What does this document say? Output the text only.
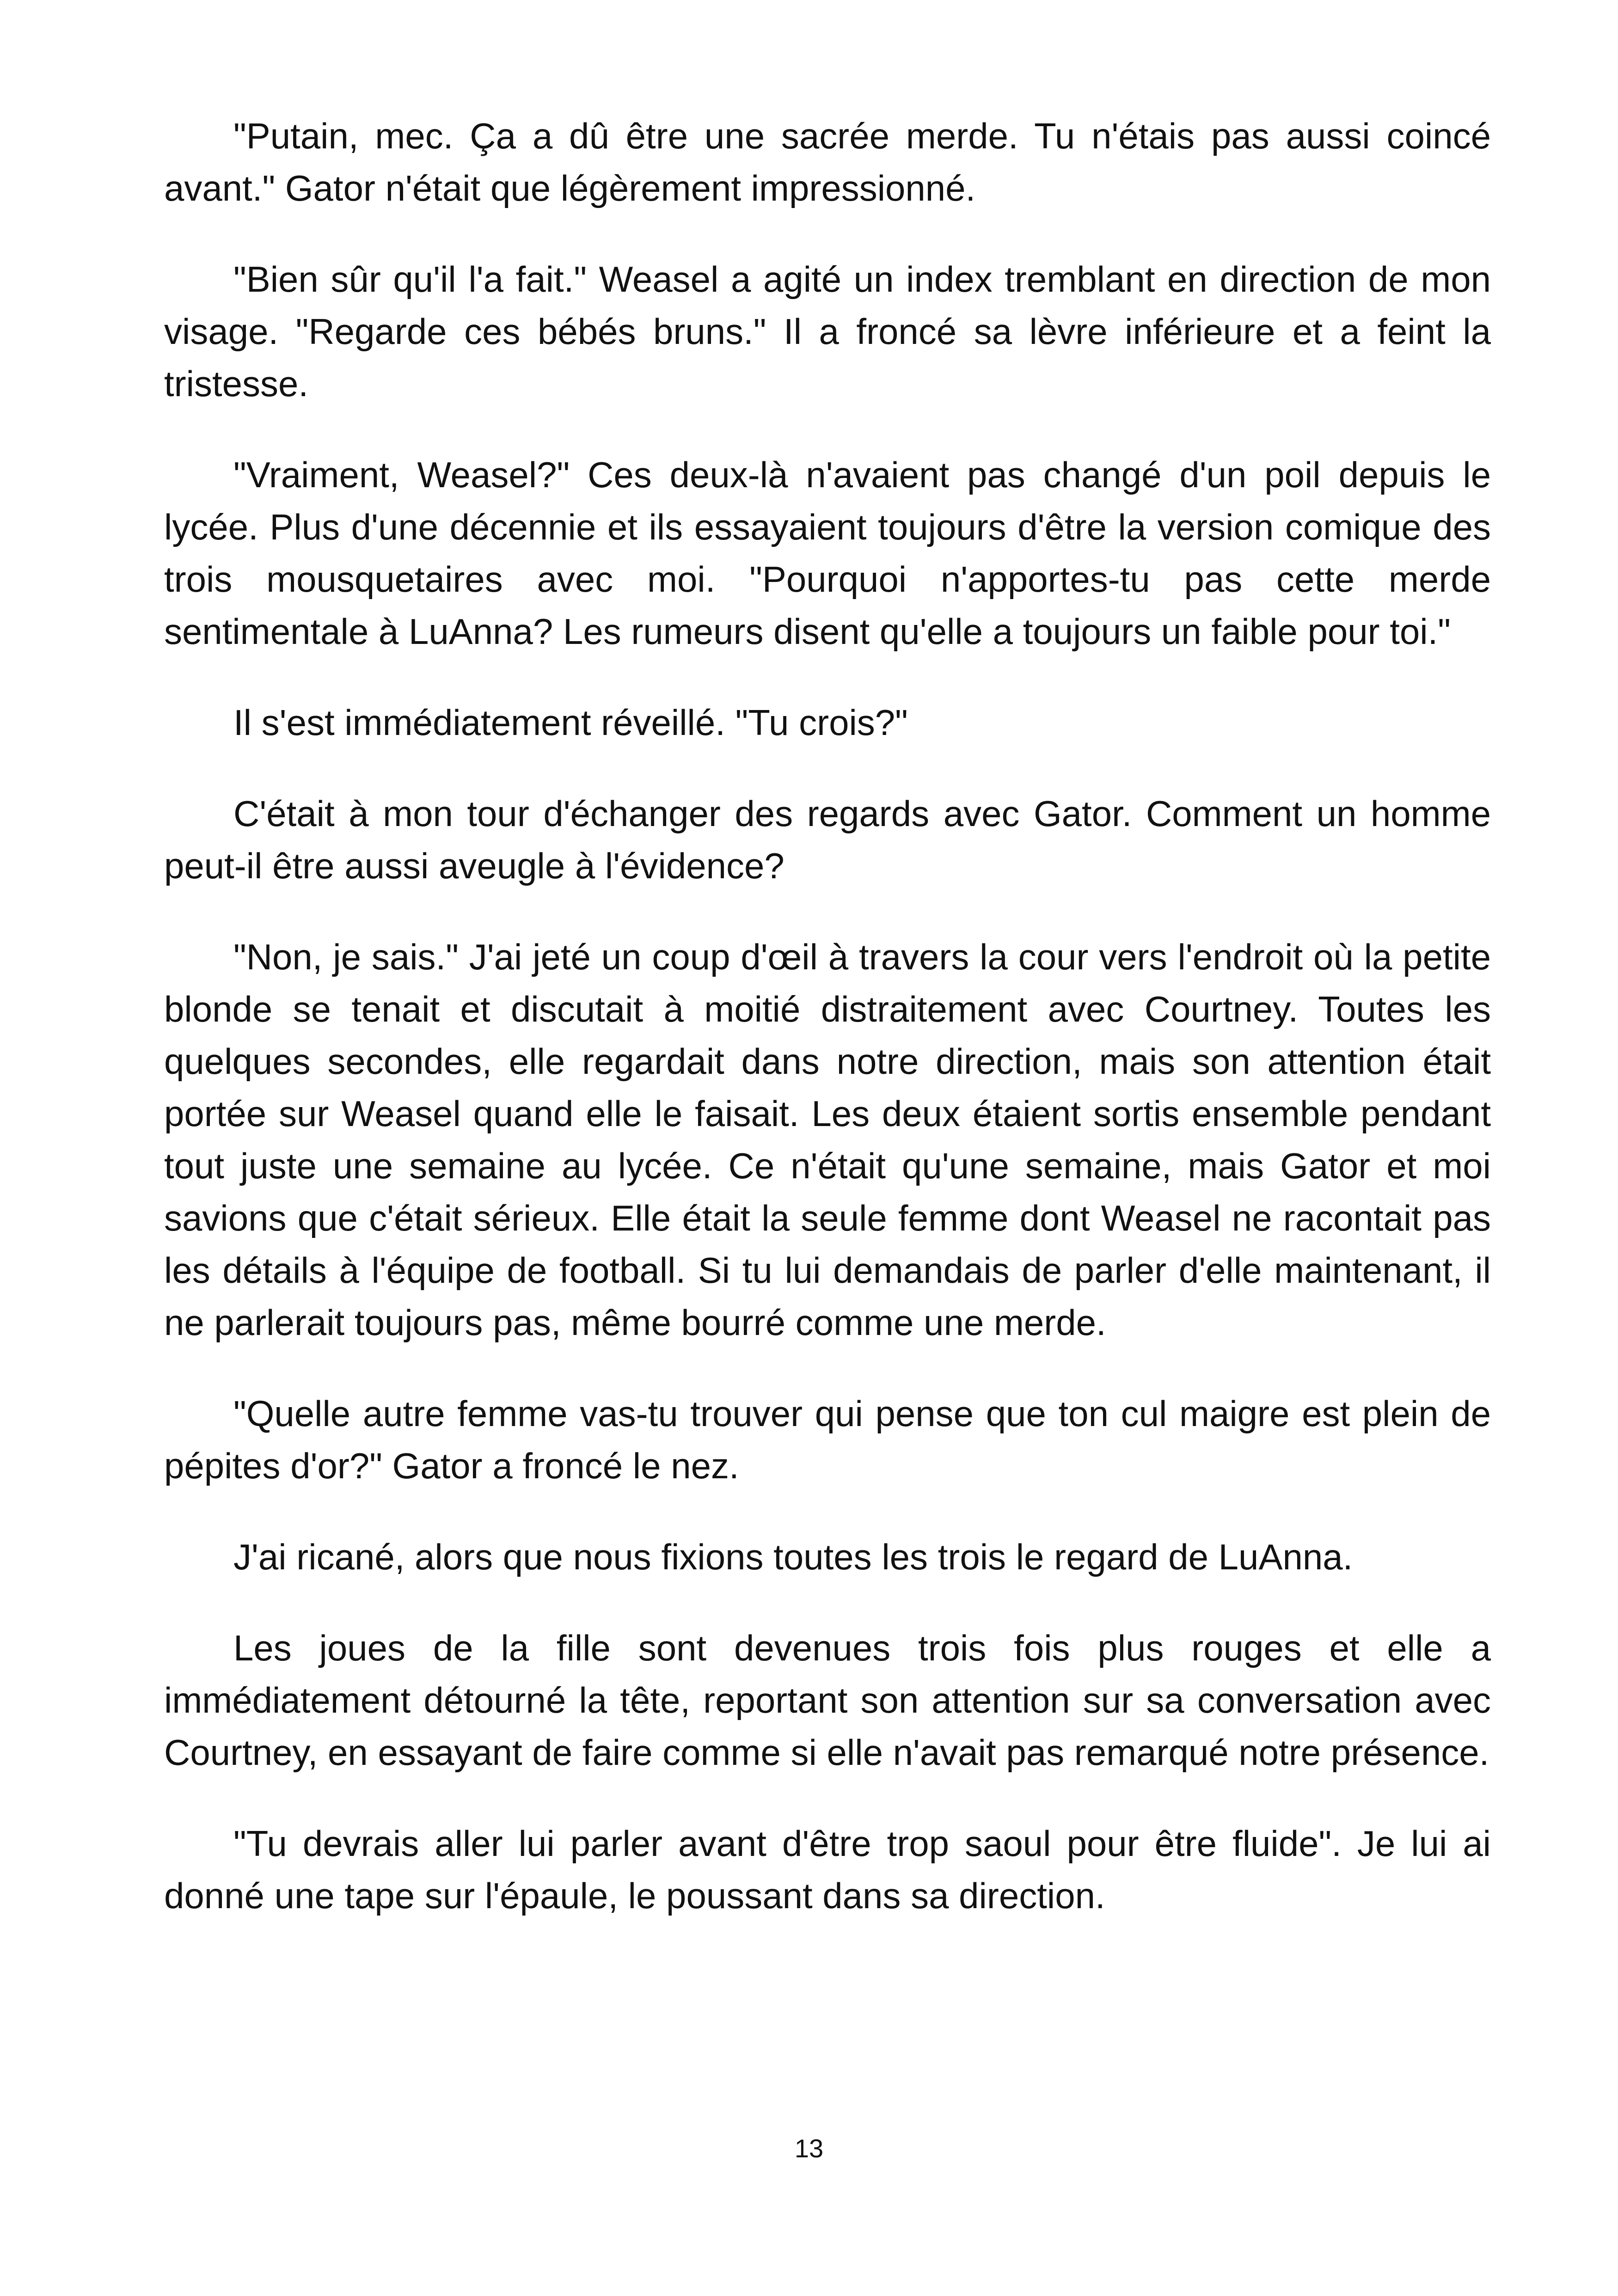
"Putain, mec. Ça a dû être une sacrée merde. Tu n'étais pas aussi coincé avant." Gator n'était que légèrement impressionné.

"Bien sûr qu'il l'a fait." Weasel a agité un index tremblant en direction de mon visage. "Regarde ces bébés bruns." Il a froncé sa lèvre inférieure et a feint la tristesse.

"Vraiment, Weasel?" Ces deux-là n'avaient pas changé d'un poil depuis le lycée. Plus d'une décennie et ils essayaient toujours d'être la version comique des trois mousquetaires avec moi. "Pourquoi n'apportes-tu pas cette merde sentimentale à LuAnna? Les rumeurs disent qu'elle a toujours un faible pour toi."

Il s'est immédiatement réveillé. "Tu crois?"

C'était à mon tour d'échanger des regards avec Gator. Comment un homme peut-il être aussi aveugle à l'évidence?

"Non, je sais." J'ai jeté un coup d'œil à travers la cour vers l'endroit où la petite blonde se tenait et discutait à moitié distraitement avec Courtney. Toutes les quelques secondes, elle regardait dans notre direction, mais son attention était portée sur Weasel quand elle le faisait. Les deux étaient sortis ensemble pendant tout juste une semaine au lycée. Ce n'était qu'une semaine, mais Gator et moi savions que c'était sérieux. Elle était la seule femme dont Weasel ne racontait pas les détails à l'équipe de football. Si tu lui demandais de parler d'elle maintenant, il ne parlerait toujours pas, même bourré comme une merde.

"Quelle autre femme vas-tu trouver qui pense que ton cul maigre est plein de pépites d'or?" Gator a froncé le nez.

J'ai ricané, alors que nous fixions toutes les trois le regard de LuAnna.

Les joues de la fille sont devenues trois fois plus rouges et elle a immédiatement détourné la tête, reportant son attention sur sa conversation avec Courtney, en essayant de faire comme si elle n'avait pas remarqué notre présence.

"Tu devrais aller lui parler avant d'être trop saoul pour être fluide". Je lui ai donné une tape sur l'épaule, le poussant dans sa direction.

13
